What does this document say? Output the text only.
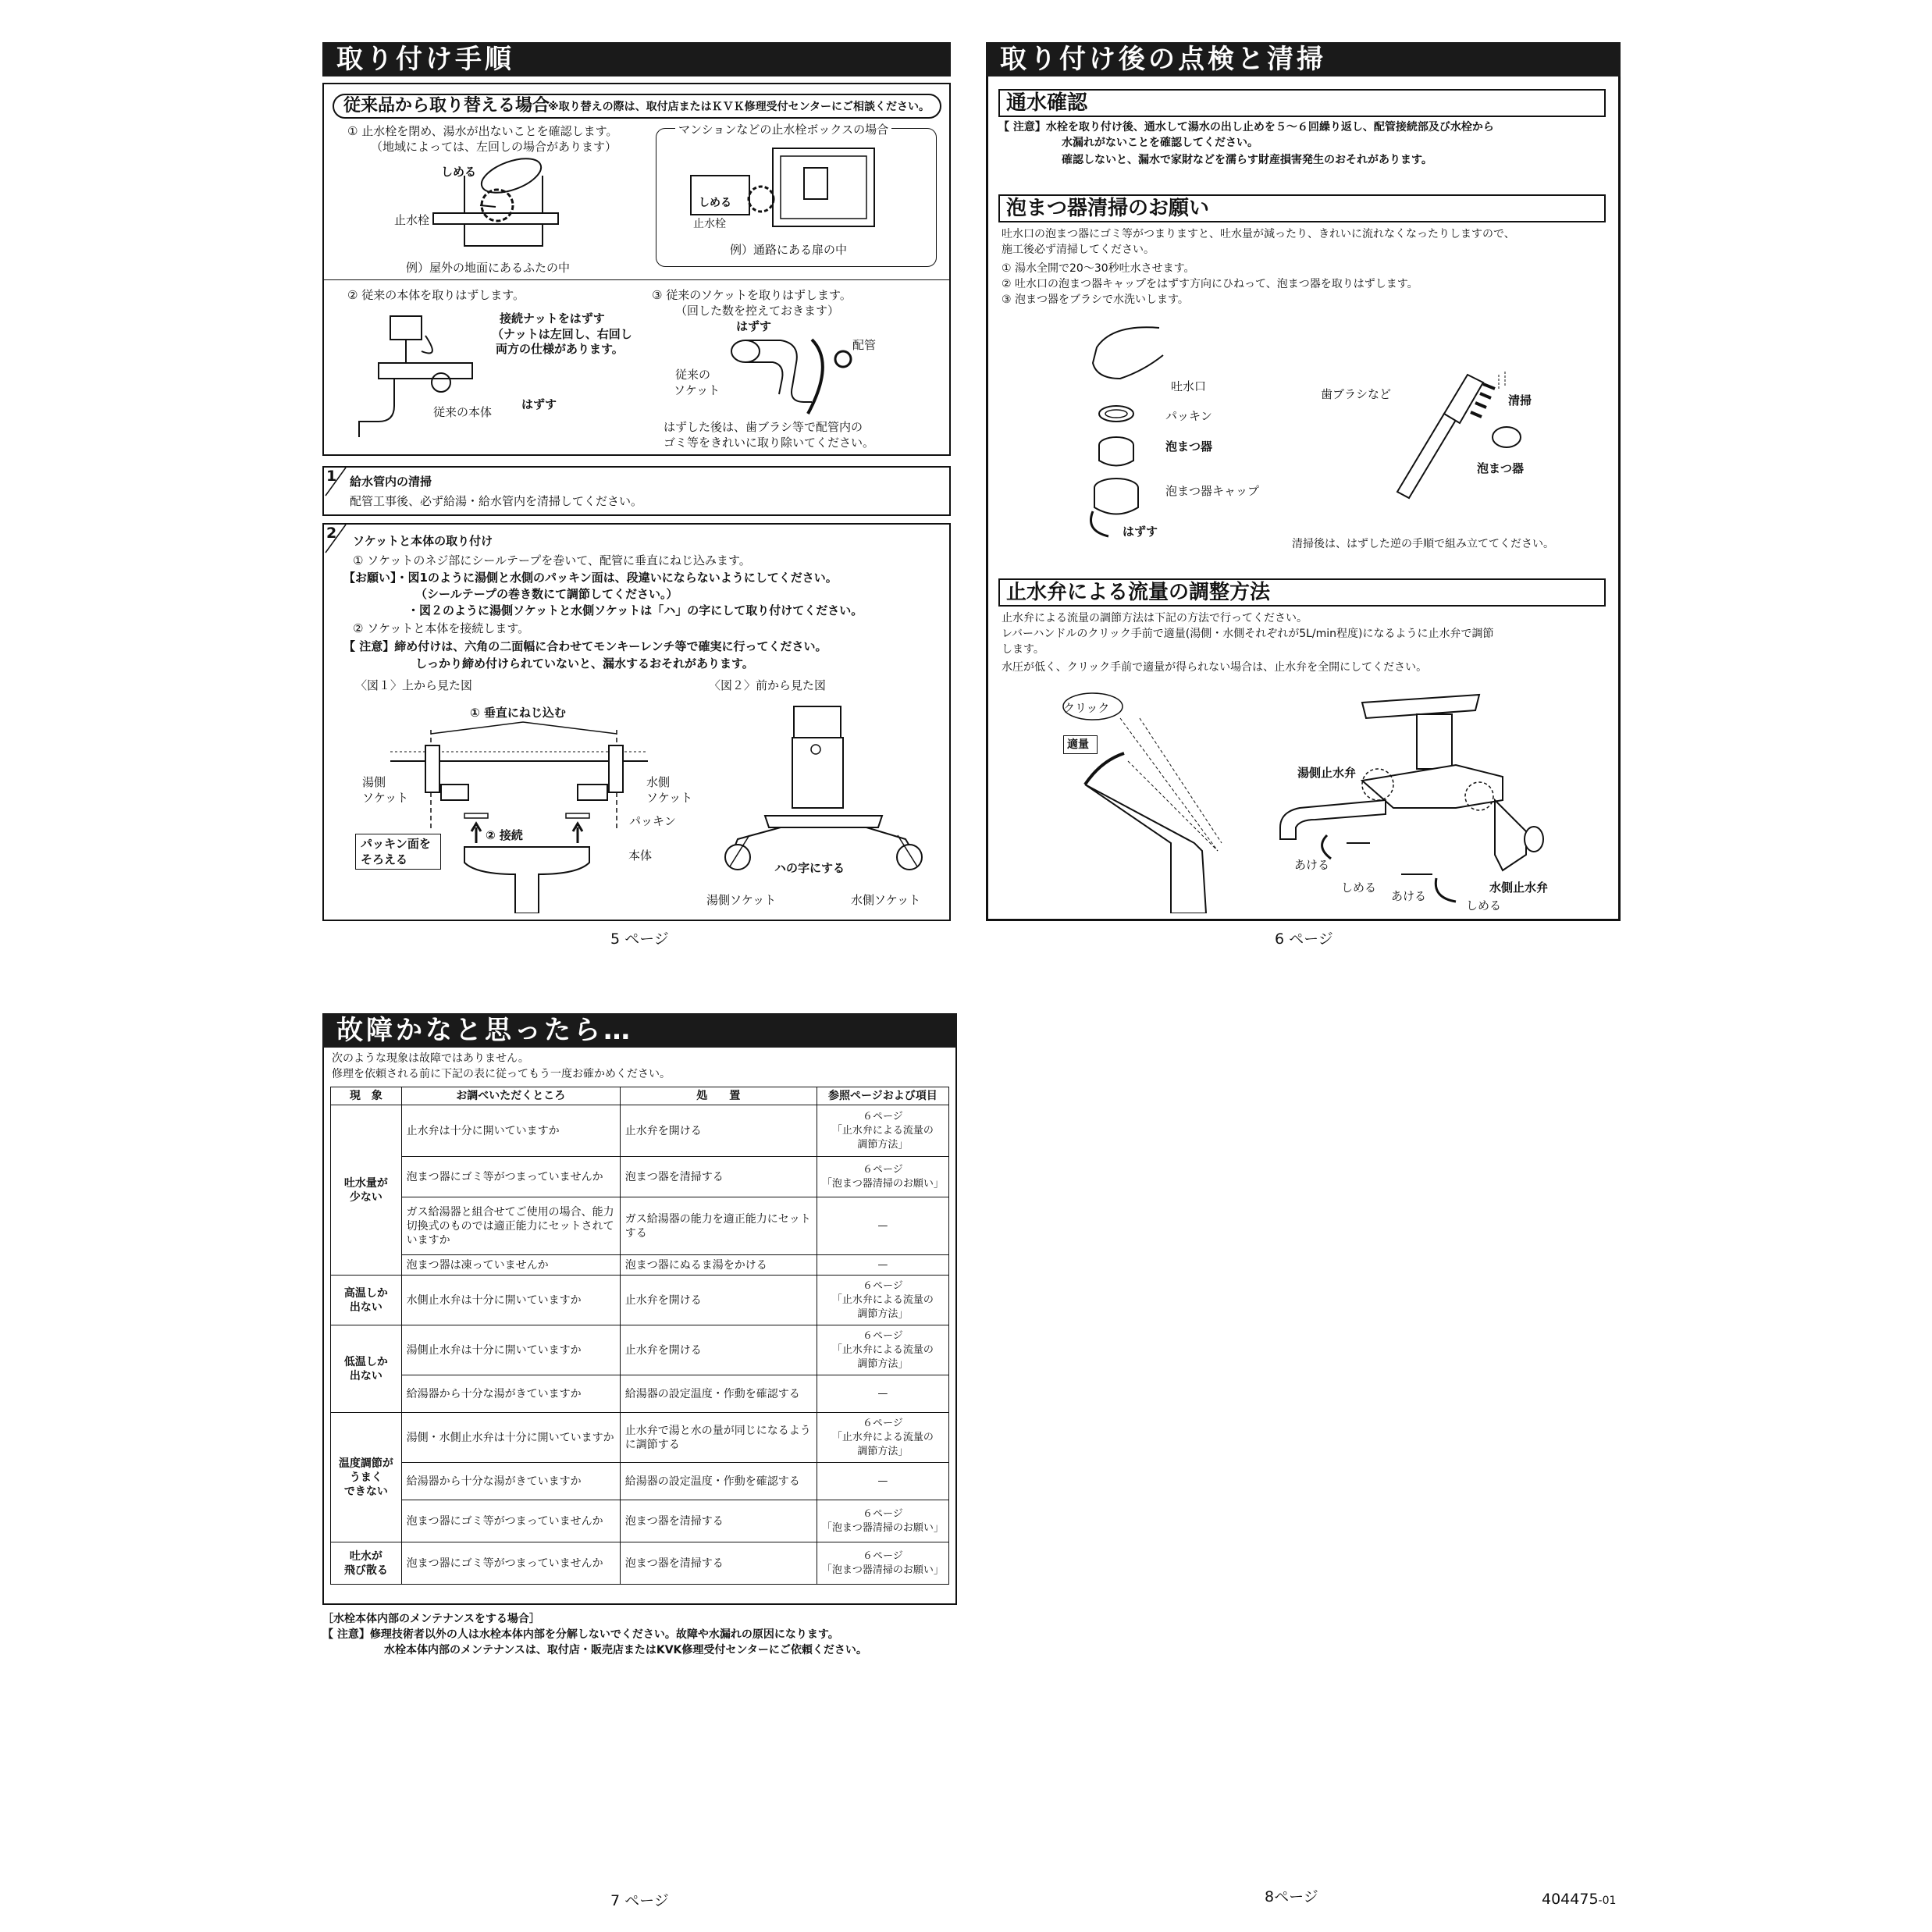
取り付け手順
従来品から取り替える場合
※取り替えの際は、取付店またはＫＶＫ修理受付センターにご相談ください。
① 止水栓を閉め、湯水が出ないことを確認します。
（地域によっては、左回しの場合があります）
しめる
止水栓
例）屋外の地面にあるふたの中
マンションなどの止水栓ボックスの場合
しめる
止水栓
例）通路にある扉の中
② 従来の本体を取りはずします。
接続ナットをはずす
（ナットは左回し、右回し
両方の仕様があります。
はずす
従来の本体
③ 従来のソケットを取りはずします。
（回した数を控えておきます）
はずす
配管
従来の
ソケット
はずした後は、歯ブラシ等で配管内の
ゴミ等をきれいに取り除いてください。
1 給水管内の清掃
配管工事後、必ず給湯・給水管内を清掃してください。
2 ソケットと本体の取り付け
① ソケットのネジ部にシールテープを巻いて、配管に垂直にねじ込みます。
【お願い】・図1のように湯側と水側のパッキン面は、段違いにならないようにしてください。
（シールテープの巻き数にて調節してください。）
・図２のように湯側ソケットと水側ソケットは「ハ」の字にして取り付けてください。
② ソケットと本体を接続します。
【 注意】締め付けは、六角の二面幅に合わせてモンキーレンチ等で確実に行ってください。
しっかり締め付けられていないと、漏水するおそれがあります。
〈図１〉上から見た図	〈図２〉前から見た図
① 垂直にねじ込む
湯側
ソケット
水側
ソケット
パッキン
② 接続
本体
パッキン面を
そろえる
ハの字にする
湯側ソケット	水側ソケット
5 ページ
取り付け後の点検と清掃
通水確認
【 注意】水栓を取り付け後、通水して湯水の出し止めを５～６回繰り返し、配管接続部及び水栓から
水漏れがないことを確認してください。
確認しないと、漏水で家財などを濡らす財産損害発生のおそれがあります。
泡まつ器清掃のお願い
吐水口の泡まつ器にゴミ等がつまりますと、吐水量が減ったり、きれいに流れなくなったりしますので、
施工後必ず清掃してください。
① 湯水全開で20～30秒吐水させます。
② 吐水口の泡まつ器キャップをはずす方向にひねって、泡まつ器を取りはずします。
③ 泡まつ器をブラシで水洗いします。
吐水口
パッキン
泡まつ器
泡まつ器キャップ
はずす
歯ブラシなど	清掃
泡まつ器
清掃後は、はずした逆の手順で組み立ててください。
止水弁による流量の調整方法
止水弁による流量の調節方法は下記の方法で行ってください。
レバーハンドルのクリック手前で適量(湯側・水側それぞれが5L/min程度)になるように止水弁で調節
します。
水圧が低く、クリック手前で適量が得られない場合は、止水弁を全開にしてください。
クリック
適量
湯側止水弁
水側止水弁
あける
しめる
あける
しめる
6 ページ
故障かなと思ったら…
次のような現象は故障ではありません。
修理を依頼される前に下記の表に従ってもう一度お確かめください。
現　象	お調べいただくところ	処　　置	参照ページおよび項目
吐水量が
少ない	止水弁は十分に開いていますか	止水弁を開ける	６ページ
「止水弁による流量の
調節方法」
	泡まつ器にゴミ等がつまっていませんか	泡まつ器を清掃する	６ページ
「泡まつ器清掃のお願い」
	ガス給湯器と組合せてご使用の場合、能力切換式のものでは適正能力にセットされていますか	ガス給湯器の能力を適正能力にセットする	—
	泡まつ器は凍っていませんか	泡まつ器にぬるま湯をかける	—
高温しか
出ない	水側止水弁は十分に開いていますか	止水弁を開ける	６ページ
「止水弁による流量の
調節方法」
低温しか
出ない	湯側止水弁は十分に開いていますか	止水弁を開ける	６ページ
「止水弁による流量の
調節方法」
	給湯器から十分な湯がきていますか	給湯器の設定温度・作動を確認する	—
温度調節が
うまく
できない	湯側・水側止水弁は十分に開いていますか	止水弁で湯と水の量が同じになるように調節する	６ページ
「止水弁による流量の
調節方法」
	給湯器から十分な湯がきていますか	給湯器の設定温度・作動を確認する	—
	泡まつ器にゴミ等がつまっていませんか	泡まつ器を清掃する	６ページ
「泡まつ器清掃のお願い」
吐水が
飛び散る	泡まつ器にゴミ等がつまっていませんか	泡まつ器を清掃する	６ページ
「泡まつ器清掃のお願い」
［水栓本体内部のメンテナンスをする場合］
【 注意】修理技術者以外の人は水栓本体内部を分解しないでください。故障や水漏れの原因になります。
水栓本体内部のメンテナンスは、取付店・販売店またはKVK修理受付センターにご依頼ください。
7 ページ	8ページ	404475-01
